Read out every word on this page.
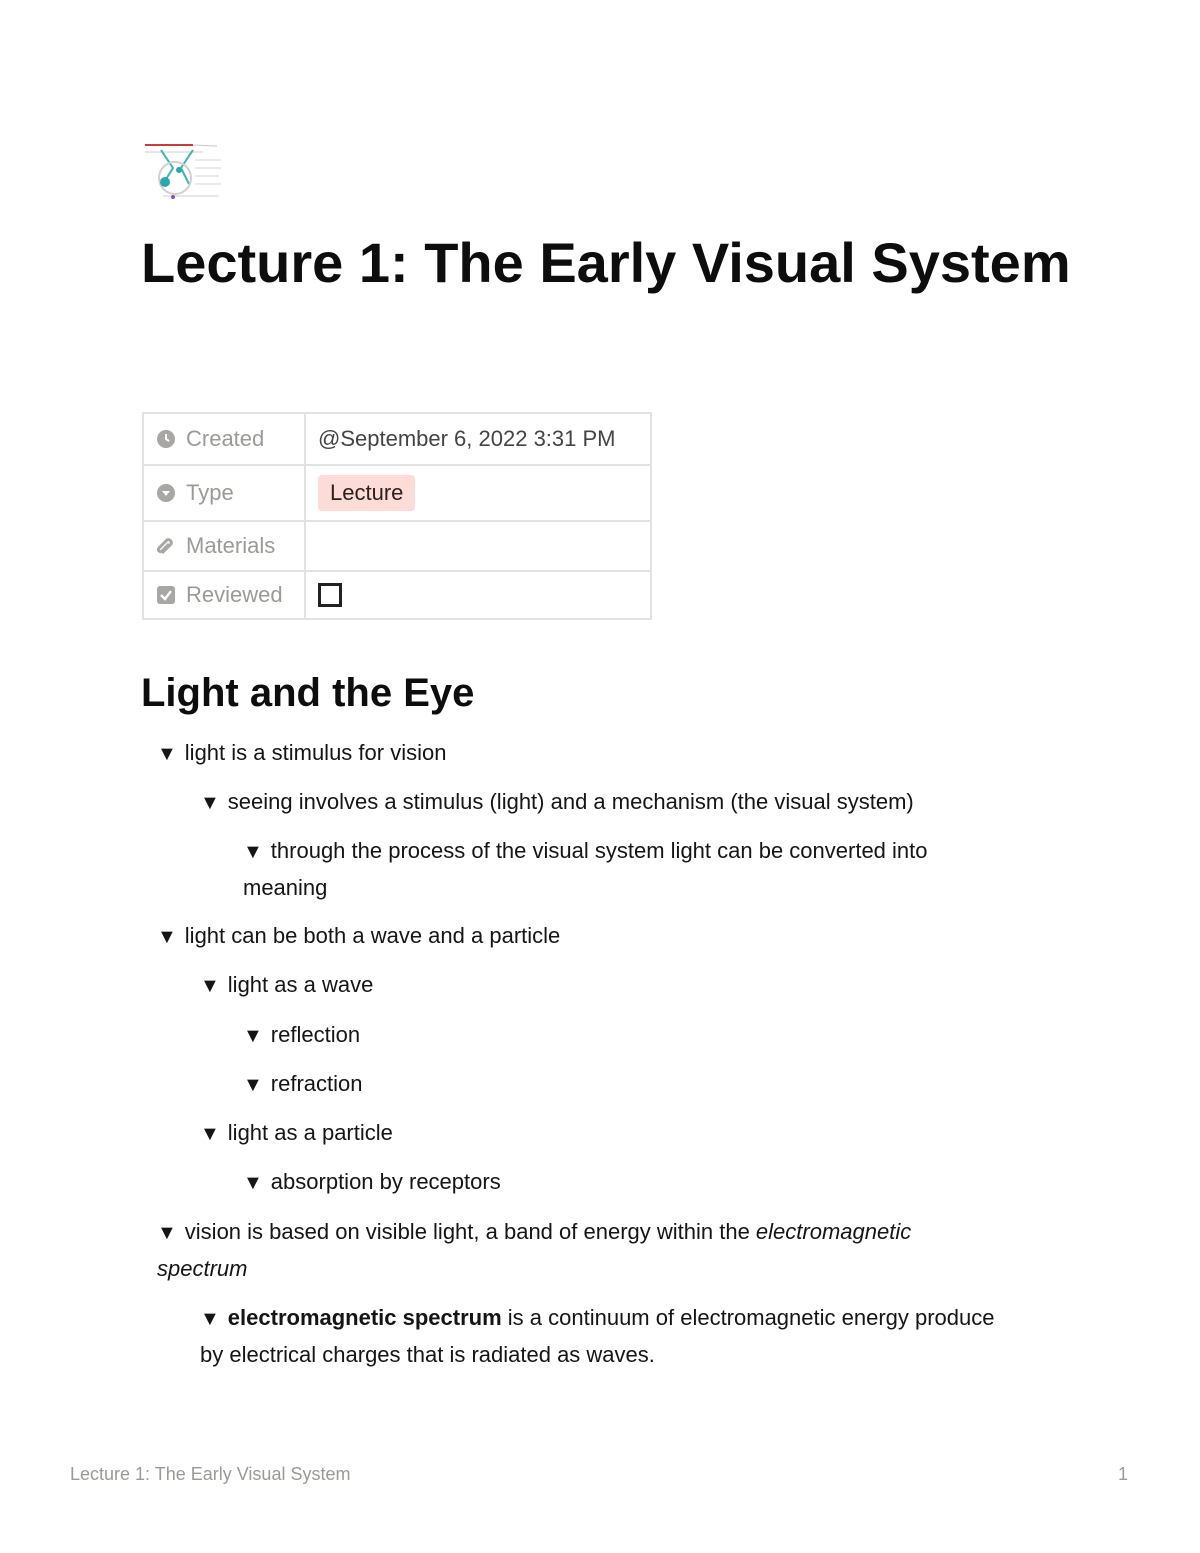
Lecture 1: The Early Visual System
Created	@September 6, 2022 3:31 PM
Type	Lecture
Materials	
Reviewed	
Light and the Eye

▼ light is a stimulus for vision

▼ seeing involves a stimulus (light) and a mechanism (the visual system)

▼ through the process of the visual system light can be converted into
meaning

▼ light can be both a wave and a particle

▼ light as a wave

▼ reflection

▼ refraction

▼ light as a particle

▼ absorption by receptors

▼ vision is based on visible light, a band of energy within the electromagnetic
spectrum

▼ electromagnetic spectrum is a continuum of electromagnetic energy produce
by electrical charges that is radiated as waves.

Lecture 1: The Early Visual System	1
